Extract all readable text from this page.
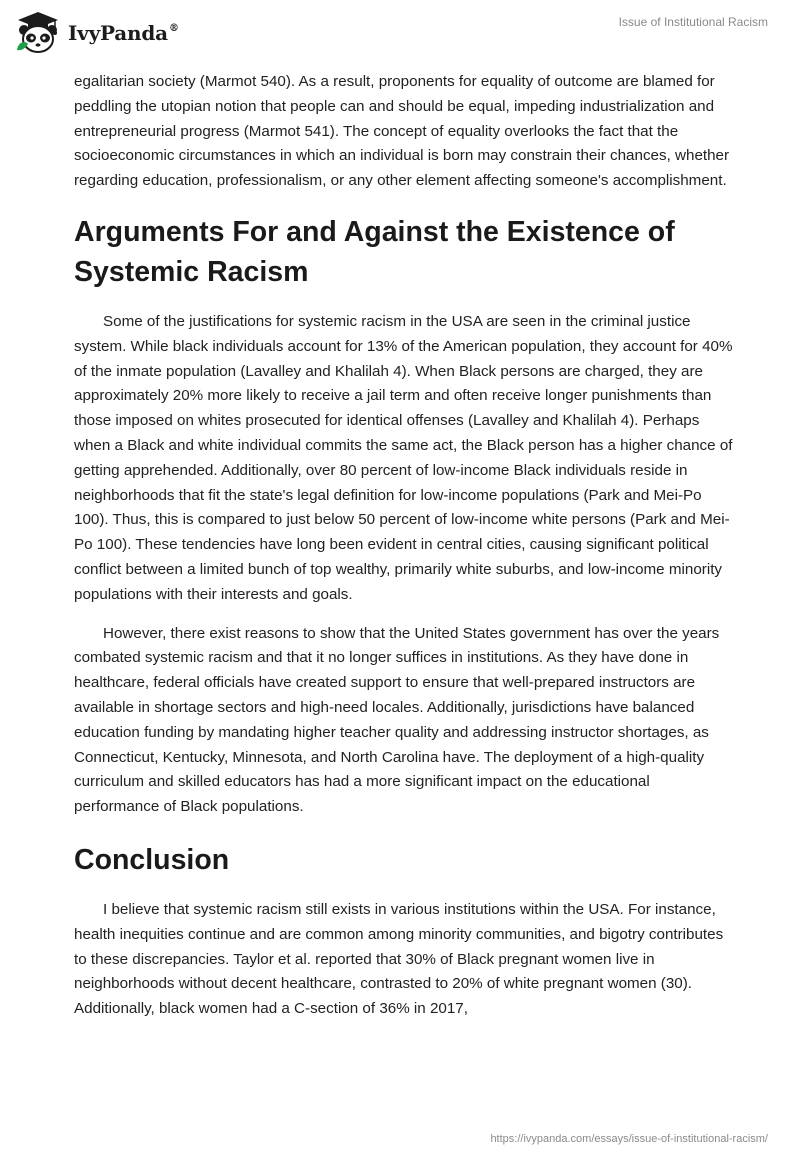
IvyPanda®	Issue of Institutional Racism

egalitarian society (Marmot 540). As a result, proponents for equality of outcome are blamed for peddling the utopian notion that people can and should be equal, impeding industrialization and entrepreneurial progress (Marmot 541). The concept of equality overlooks the fact that the socioeconomic circumstances in which an individual is born may constrain their chances, whether regarding education, professionalism, or any other element affecting someone's accomplishment.

Arguments For and Against the Existence of Systemic Racism

Some of the justifications for systemic racism in the USA are seen in the criminal justice system. While black individuals account for 13% of the American population, they account for 40% of the inmate population (Lavalley and Khalilah 4). When Black persons are charged, they are approximately 20% more likely to receive a jail term and often receive longer punishments than those imposed on whites prosecuted for identical offenses (Lavalley and Khalilah 4). Perhaps when a Black and white individual commits the same act, the Black person has a higher chance of getting apprehended. Additionally, over 80 percent of low-income Black individuals reside in neighborhoods that fit the state's legal definition for low-income populations (Park and Mei-Po 100). Thus, this is compared to just below 50 percent of low-income white persons (Park and Mei-Po 100). These tendencies have long been evident in central cities, causing significant political conflict between a limited bunch of top wealthy, primarily white suburbs, and low-income minority populations with their interests and goals.

However, there exist reasons to show that the United States government has over the years combated systemic racism and that it no longer suffices in institutions. As they have done in healthcare, federal officials have created support to ensure that well-prepared instructors are available in shortage sectors and high-need locales. Additionally, jurisdictions have balanced education funding by mandating higher teacher quality and addressing instructor shortages, as Connecticut, Kentucky, Minnesota, and North Carolina have. The deployment of a high-quality curriculum and skilled educators has had a more significant impact on the educational performance of Black populations.

Conclusion

I believe that systemic racism still exists in various institutions within the USA. For instance, health inequities continue and are common among minority communities, and bigotry contributes to these discrepancies. Taylor et al. reported that 30% of Black pregnant women live in neighborhoods without decent healthcare, contrasted to 20% of white pregnant women (30). Additionally, black women had a C-section of 36% in 2017,

https://ivypanda.com/essays/issue-of-institutional-racism/
